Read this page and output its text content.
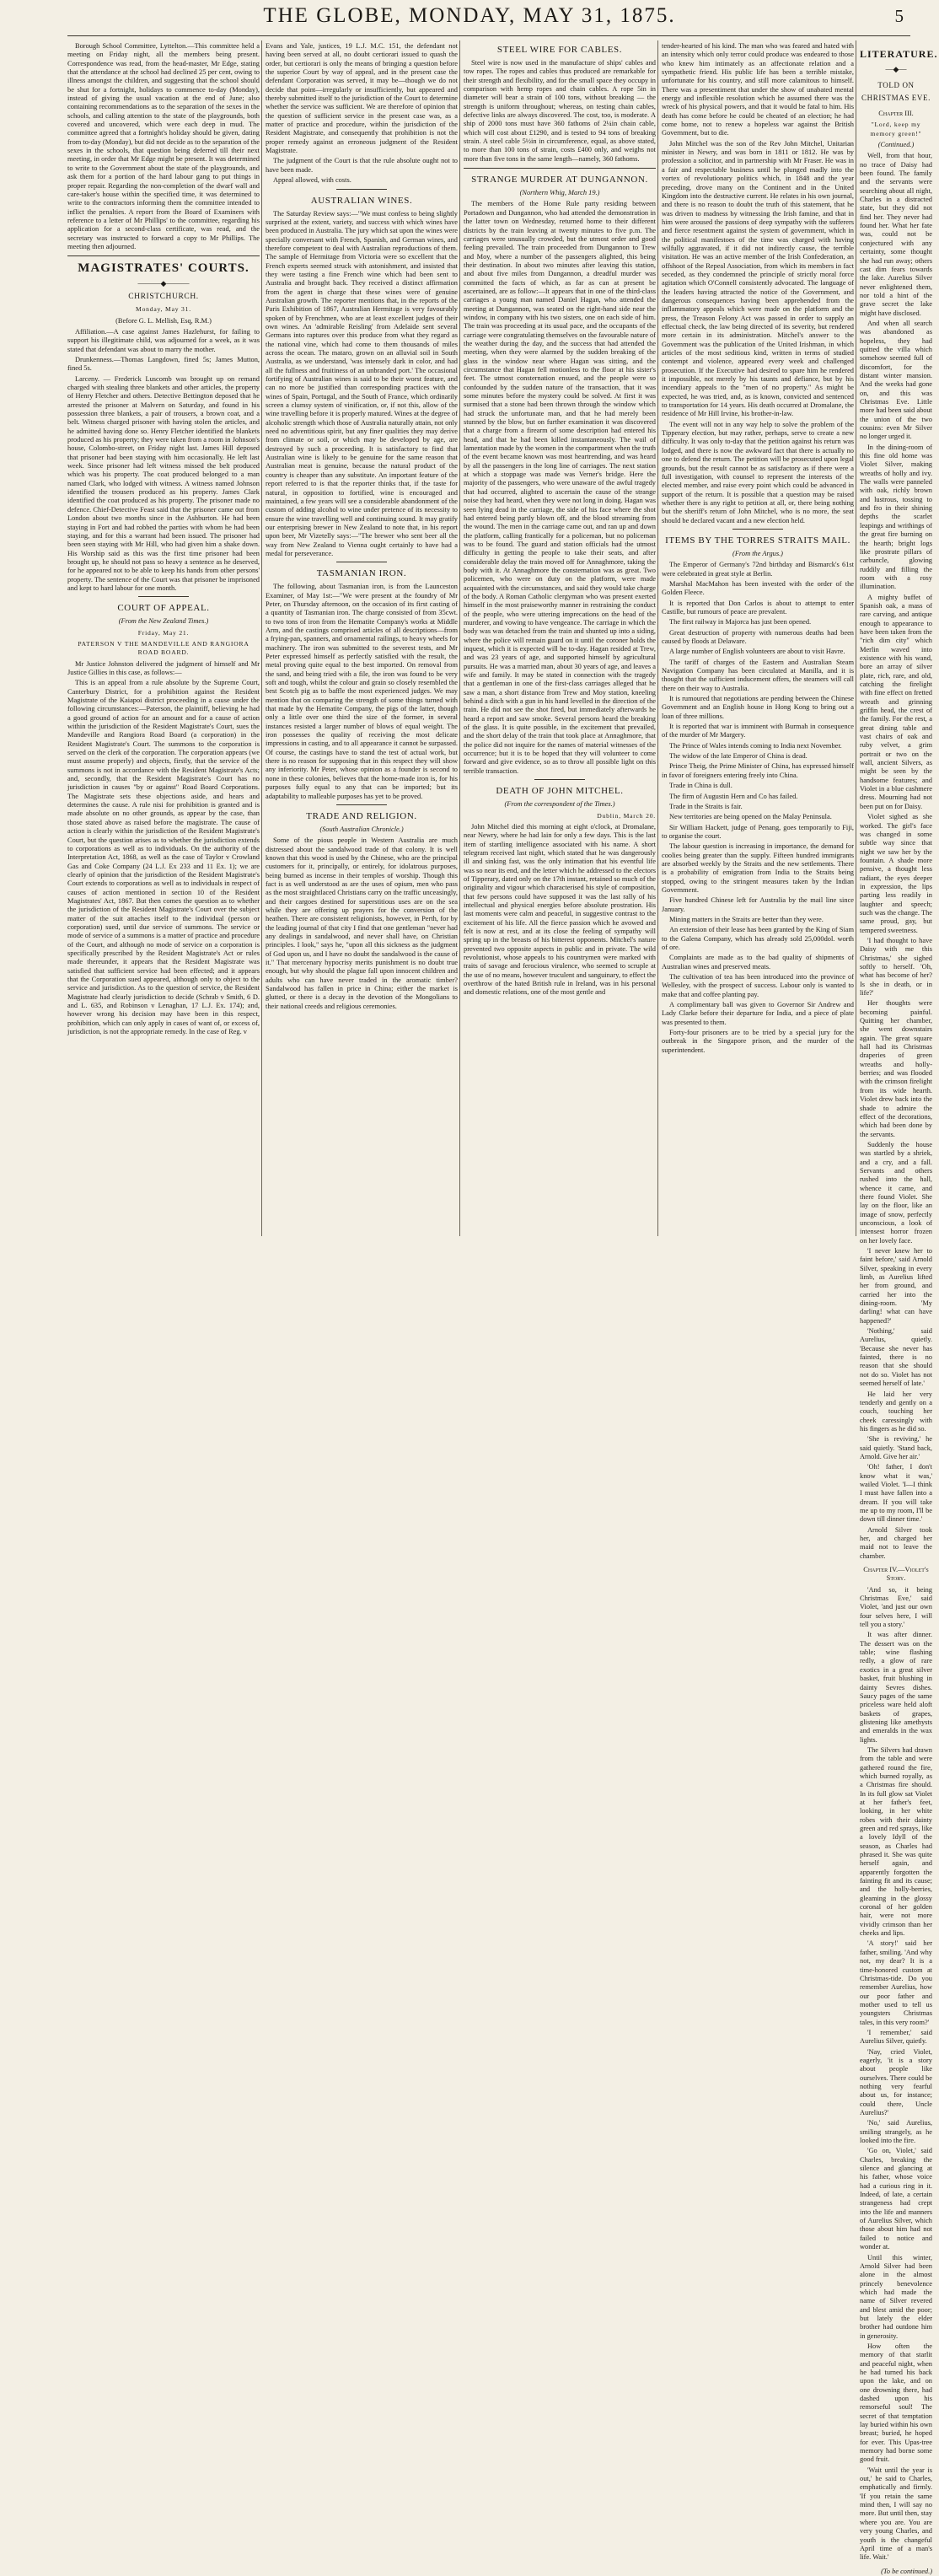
THE GLOBE, MONDAY, MAY 31, 1875.	5

Borough School Committee, Lyttelton.—This committee held a meeting on Friday night, all the members being present. Correspondence was read, from the head-master, Mr Edge, stating that the attendance at the school had declined 25 per cent, owing to illness amongst the children, and suggesting that the school should be shut for a fortnight, holidays to commence to-day (Monday), instead of giving the usual vacation at the end of June; also containing recommendations as to the separation of the sexes in the schools, and calling attention to the state of the playgrounds, both covered and uncovered, which were each deep in mud. The committee agreed that a fortnight's holiday should be given, dating from to-day (Monday), but did not decide as to the separation of the sexes in the schools, that question being deferred till their next meeting, in order that Mr Edge might be present. It was determined to write to the Government about the state of the playgrounds, and ask them for a portion of the hard labour gang to put things in proper repair. Regarding the non-completion of the dwarf wall and care-taker's house within the specified time, it was determined to write to the contractors informing them the committee intended to inflict the penalties. A report from the Board of Examiners with reference to a letter of Mr Phillips' to the committee, regarding his application for a second-class certificate, was read, and the secretary was instructed to forward a copy to Mr Phillips. The meeting then adjourned.

MAGISTRATES' COURTS.
———◆———
CHRISTCHURCH.
Monday, May 31.
(Before G. L. Mellish, Esq, R.M.)

Affiliation.—A case against James Hazlehurst, for failing to support his illegitimate child, was adjourned for a week, as it was stated that defendant was about to marry the mother.

Drunkenness.—Thomas Langdown, fined 5s; James Mutton, fined 5s.

Larceny. — Frederick Luscomb was brought up on remand charged with stealing three blankets and other articles, the property of Henry Fletcher and others. Detective Bettington deposed that he arrested the prisoner at Malvern on Saturday, and found in his possession three blankets, a pair of trousers, a brown coat, and a belt. Witness charged prisoner with having stolen the articles, and he admitted having done so. Henry Fletcher identified the blankets produced as his property; they were taken from a room in Johnson's house, Colombo-street, on Friday night last. James Hill deposed that prisoner had been staying with him occasionally. He left last week. Since prisoner had left witness missed the belt produced which was his property. The coat produced belonged to a man named Clark, who lodged with witness. A witness named Johnson identified the trousers produced as his property. James Clark identified the coat produced as his property. The prisoner made no defence. Chief-Detective Feast said that the prisoner came out from London about two months since in the Ashburton. He had been staying in Fort and had robbed the parties with whom he had been staying, and for this a warrant had been issued. The prisoner had been seen staying with Mr Hill, who had given him a shake down. His Worship said as this was the first time prisoner had been brought up, he should not pass so heavy a sentence as he deserved, for he appeared not to be able to keep his hands from other persons' property. The sentence of the Court was that prisoner be imprisoned and kept to hard labour for one month.

COURT OF APPEAL.
(From the New Zealand Times.)
Friday, May 21.
PATERSON V THE MANDEVILLE AND RANGIORA ROAD BOARD.

Mr Justice Johnston delivered the judgment of himself and Mr Justice Gillies in this case, as follows:—

This is an appeal from a rule absolute by the Supreme Court, Canterbury District, for a prohibition against the Resident Magistrate of the Kaiapoi district proceeding in a cause under the following circumstances:—Paterson, the plaintiff, believing he had a good ground of action for an amount and for a cause of action within the jurisdiction of the Resident Magistrate's Court, sues the Mandeville and Rangiora Road Board (a corporation) in the Resident Magistrate's Court. The summons to the corporation is served on the clerk of the corporation. The corporation appears (we must assume properly) and objects, firstly, that the service of the summons is not in accordance with the Resident Magistrate's Acts; and, secondly, that the Resident Magistrate's Court has no jurisdiction in causes "by or against" Road Board Corporations. The Magistrate sets these objections aside, and hears and determines the cause. A rule nisi for prohibition is granted and is made absolute on no other grounds, as appear by the case, than those stated above as raised before the magistrate. The cause of action is clearly within the jurisdiction of the Resident Magistrate's Court, but the question arises as to whether the jurisdiction extends to corporations as well as to individuals. On the authority of the Interpretation Act, 1868, as well as the case of Taylor v Crowland Gas and Coke Company (24 L.J. Ex 233 and 11 Ex. 1); we are clearly of opinion that the jurisdiction of the Resident Magistrate's Court extends to corporations as well as to individuals in respect of causes of action mentioned in section 10 of the Resident Magistrates' Act, 1867. But then comes the question as to whether the jurisdiction of the Resident Magistrate's Court over the subject matter of the suit attaches itself to the individual (person or corporation) sued, until due service of summons. The service or mode of service of a summons is a matter of practice and procedure of the Court, and although no mode of service on a corporation is specifically prescribed by the Resident Magistrate's Act or rules made thereunder, it appears that the Resident Magistrate was satisfied that sufficient service had been effected; and it appears that the Corporation sued appeared, although only to object to the service and jurisdiction. As to the question of service, the Resident Magistrate had clearly jurisdiction to decide (Schrab v Smith, 6 D. and L. 635, and Robinson v Lenaghan, 17 L.J. Ex. 174); and, however wrong his decision may have been in this respect, prohibition, which can only apply in cases of want of, or excess of, jurisdiction, is not the appropriate remedy. In the case of Reg. v

Evans and Yale, justices, 19 L.J. M.C. 151, the defendant not having been served at all, no doubt certiorari issued to quash the order, but certiorari is only the means of bringing a question before the superior Court by way of appeal, and in the present case the defendant Corporation was served, it may be—though we do not decide that point—irregularly or insufficiently, but appeared and thereby submitted itself to the jurisdiction of the Court to determine whether the service was sufficient. We are therefore of opinion that the question of sufficient service in the present case was, as a matter of practice and procedure, within the jurisdiction of the Resident Magistrate, and consequently that prohibition is not the proper remedy against an erroneous judgment of the Resident Magistrate.

The judgment of the Court is that the rule absolute ought not to have been made.

Appeal allowed, with costs.

AUSTRALIAN WINES.

The Saturday Review says:—"We must confess to being slightly surprised at the extent, variety, and success with which wines have been produced in Australia. The jury which sat upon the wines were specially conversant with French, Spanish, and German wines, and therefore competent to deal with Australian reproductions of them. The sample of Hermitage from Victoria were so excellent that the French experts seemed struck with astonishment, and insisted that they were tasting a fine French wine which had been sent to Australia and brought back. They received a distinct affirmation from the agent in charge that these wines were of genuine Australian growth. The reporter mentions that, in the reports of the Paris Exhibition of 1867, Australian Hermitage is very favourably spoken of by Frenchmen, who are at least excellent judges of their own wines. An 'admirable Reisling' from Adelaide sent several Germans into raptures over this produce from what they regard as the national vine, which had come to them thousands of miles across the ocean. The mataro, grown on an alluvial soil in South Australia, as we understand, 'was intensely dark in color, and had all the fullness and fruitiness of an unbranded port.' The occasional fortifying of Australian wines is said to be their worst feature, and can no more be justified than corresponding practices with the wines of Spain, Portugal, and the South of France, which ordinarily screen a clumsy system of vinification, or, if not this, allow of the wine travelling before it is properly matured. Wines at the degree of alcoholic strength which those of Australia naturally attain, not only need no adventitious spirit, but any finer qualities they may derive from climate or soil, or which may be developed by age, are destroyed by such a proceeding. It is satisfactory to find that Australian wine is likely to be genuine for the same reason that Australian meat is genuine, because the natural product of the country is cheaper than any substitute. An important feature of the report referred to is that the reporter thinks that, if the taste for natural, in opposition to fortified, wine is encouraged and maintained, a few years will see a considerable abandonment of the custom of adding alcohol to wine under pretence of its necessity to ensure the wine travelling well and continuing sound. It may gratify our enterprising brewer in New Zealand to note that, in his report upon beer, Mr Vizetelly says:—"The brewer who sent beer all the way from New Zealand to Vienna ought certainly to have had a medal for perseverance.

TASMANIAN IRON.

The following, about Tasmanian iron, is from the Launceston Examiner, of May 1st:—"We were present at the foundry of Mr Peter, on Thursday afternoon, on the occasion of its first casting of a quantity of Tasmanian iron. The charge consisted of from 35cwt. to two tons of iron from the Hematite Company's works at Middle Arm, and the castings comprised articles of all descriptions—from a frying-pan, spanners, and ornamental railings, to heavy wheels for machinery. The iron was submitted to the severest tests, and Mr Peter expressed himself as perfectly satisfied with the result, the metal proving quite equal to the best imported. On removal from the sand, and being tried with a file, the iron was found to be very soft and tough, whilst the colour and grain so closely resembled the best Scotch pig as to baffle the most experienced judges. We may mention that on comparing the strength of some things turned with that made by the Hematite Company, the pigs of the latter, though only a little over one third the size of the former, in several instances resisted a larger number of blows of equal weight. The iron possesses the quality of receiving the most delicate impressions in casting, and to all appearance it cannot be surpassed. Of course, the castings have to stand the test of actual work, but there is no reason for supposing that in this respect they will show any inferiority. Mr Peter, whose opinion as a founder is second to none in these colonies, believes that the home-made iron is, for his purposes fully equal to any that can be imported; but its adaptability to malleable purposes has yet to be proved.

TRADE AND RELIGION.
(South Australian Chronicle.)

Some of the pious people in Western Australia are much distressed about the sandalwood trade of that colony. It is well known that this wood is used by the Chinese, who are the principal customers for it, principally, or entirely, for idolatrous purposes, being burned as incense in their temples of worship. Though this fact is as well understood as are the uses of opium, men who pass as the most straightlaced Christians carry on the traffic unceasingly, and their cargoes destined for superstitious uses are on the sea while they are offering up prayers for the conversion of the heathen. There are consistent religionists, however, in Perth, for by the leading journal of that city I find that one gentleman "never had any dealings in sandalwood, and never shall have, on Christian principles. I look," says he, "upon all this sickness as the judgment of God upon us, and I have no doubt the sandalwood is the cause of it." That mercenary hypocrisy merits punishment is no doubt true enough, but why should the plague fall upon innocent children and adults who can have never traded in the aromatic timber? Sandalwood has fallen in price in China; either the market is glutted, or there is a decay in the devotion of the Mongolians to their national creeds and religious ceremonies.

STEEL WIRE FOR CABLES.

Steel wire is now used in the manufacture of ships' cables and tow ropes. The ropes and cables thus produced are remarkable for their strength and flexibility, and for the small space they occupy in comparison with hemp ropes and chain cables. A rope 5in in diameter will bear a strain of 100 tons, without breaking — the strength is uniform throughout; whereas, on testing chain cables, defective links are always discovered. The cost, too, is moderate. A ship of 2000 tons must have 360 fathoms of 2¼in chain cable, which will cost about £1290, and is tested to 94 tons of breaking strain. A steel cable 5½in in circumference, equal, as above stated, to more than 100 tons of strain, costs £400 only, and weighs not more than five tons in the same length—namely, 360 fathoms.

STRANGE MURDER AT DUNGANNON.
(Northern Whig, March 19.)

The members of the Home Rule party residing between Portadown and Dungannon, who had attended the demonstration in the latter town on Wednesday, returned home to their different districts by the train leaving at twenty minutes to five p.m. The carriages were unusually crowded, but the utmost order and good feeling prevailed. The train proceeded from Dungannon to Trew and Moy, where a number of the passengers alighted, this being their destination. In about two minutes after leaving this station, and about five miles from Dungannon, a dreadful murder was committed the facts of which, as far as can at present be ascertained, are as follow:—It appears that in one of the third-class carriages a young man named Daniel Hagan, who attended the meeting at Dungannon, was seated on the right-hand side near the window, in company with his two sisters, one on each side of him. The train was proceeding at its usual pace, and the occupants of the carriage were congratulating themselves on the favourable nature of the weather during the day, and the success that had attended the meeting, when they were alarmed by the sudden breaking of the glass in the window near where Hagan was sitting, and the circumstance that Hagan fell motionless to the floor at his sister's feet. The utmost consternation ensued, and the people were so confounded by the sudden nature of the transaction, that it was some minutes before the mystery could be solved. At first it was surmised that a stone had been thrown through the window which had struck the unfortunate man, and that he had merely been stunned by the blow, but on further examination it was discovered that a charge from a firearm of some description had entered his head, and that he had been killed instantaneously. The wail of lamentation made by the women in the compartment when the truth of the event became known was most heartrending, and was heard by all the passengers in the long line of carriages. The next station at which a stoppage was made was Verner's bridge. Here the majority of the passengers, who were unaware of the awful tragedy that had occurred, alighted to ascertain the cause of the strange noise they had heard, when they were not long in doing. Hagan was seen lying dead in the carriage, the side of his face where the shot had entered being partly blown off, and the blood streaming from the wound. The men in the carriage came out, and ran up and down the platform, calling frantically for a policeman, but no policeman was to be found. The guard and station officials had the utmost difficulty in getting the people to take their seats, and after considerable delay the train moved off for Annaghmore, taking the body with it. At Annaghmore the consternation was as great. Two policemen, who were on duty on the platform, were made acquainted with the circumstances, and said they would take charge of the body. A Roman Catholic clergyman who was present exerted himself in the most praiseworthy manner in restraining the conduct of the people, who were uttering imprecations on the head of the murderer, and vowing to have vengeance. The carriage in which the body was was detached from the train and shunted up into a siding, where the police will remain guard on it until the coroner holds the inquest, which it is expected will be to-day. Hagan resided at Trew, and was 23 years of age, and supported himself by agricultural pursuits. He was a married man, about 30 years of age, and leaves a wife and family. It may be stated in connection with the tragedy that a gentleman in one of the first-class carriages alleged that he saw a man, a short distance from Trew and Moy station, kneeling behind a ditch with a gun in his hand levelled in the direction of the train. He did not see the shot fired, but immediately afterwards he heard a report and saw smoke. Several persons heard the breaking of the glass. It is quite possible, in the excitement that prevailed, and the short delay of the train that took place at Annaghmore, that the police did not inquire for the names of material witnesses of the occurrence; but it is to be hoped that they will volunteer to come forward and give evidence, so as to throw all possible light on this terrible transaction.

DEATH OF JOHN MITCHEL.
(From the correspondent of the Times.)
Dublin, March 20.

John Mitchel died this morning at eight o'clock, at Dromalane, near Newry, where he had lain for only a few days. This is the last item of startling intelligence associated with his name. A short telegram received last night, which stated that he was dangerously ill and sinking fast, was the only intimation that his eventful life was so near its end, and the letter which he addressed to the electors of Tipperary, dated only on the 17th instant, retained so much of the originality and vigour which characterised his style of composition, that few persons could have supposed it was the last rally of his intellectual and physical energies before absolute prostration. His last moments were calm and peaceful, in suggestive contrast to the excitement of his life. All the fierce passion which he avowed and felt is now at rest, and at its close the feeling of sympathy will spring up in the breasts of his bitterest opponents. Mitchel's nature prevented two opposite aspects in public and in private. The wild revolutionist, whose appeals to his countrymen were marked with traits of savage and ferocious virulence, who seemed to scruple at the use of no means, however truculent and sanguinary, to effect the overthrow of the hated British rule in Ireland, was in his personal and domestic relations, one of the most gentle and

tender-hearted of his kind. The man who was feared and hated with an intensity which only terror could produce was endeared to those who knew him intimately as an affectionate relation and a sympathetic friend. His public life has been a terrible mistake, unfortunate for his country, and still more calamitous to himself. There was a presentiment that under the show of unabated mental energy and inflexible resolution which he assumed there was the wreck of his physical powers, and that it would be fatal to him. His death has come before he could be cheated of an election; he had come home, not to renew a hopeless war against the British Government, but to die.

John Mitchel was the son of the Rev John Mitchel, Unitarian minister in Newry, and was born in 1811 or 1812. He was by profession a solicitor, and in partnership with Mr Fraser. He was in a fair and respectable business until he plunged madly into the vortex of revolutionary politics which, in 1848 and the year preceding, drove many on the Continent and in the United Kingdom into the destructive current. He relates in his own journal, and there is no reason to doubt the truth of this statement, that he was driven to madness by witnessing the Irish famine, and that in him were aroused the passions of deep sympathy with the sufferers and fierce resentment against the system of government, which in the political manifestoes of the time was charged with having wilfully aggravated, if it did not indirectly cause, the terrible visitation. He was an active member of the Irish Confederation, an offshoot of the Repeal Association, from which its members in fact seceded, as they condemned the principle of strictly moral force agitation which O'Connell consistently advocated. The language of the leaders having attracted the notice of the Government, and dangerous consequences having been apprehended from the inflammatory appeals which were made on the platform and the press, the Treason Felony Act was passed in order to supply an effectual check, the law being directed of its severity, but rendered more certain in its administration. Mitchel's answer to the Government was the publication of the United Irishman, in which articles of the most seditious kind, written in terms of studied contempt and violence, appeared every week and challenged prosecution. If the Executive had desired to spare him he rendered it impossible, not merely by his taunts and defiance, but by his incendiary appeals to the "men of no property." As might be expected, he was tried, and, as is known, convicted and sentenced to transportation for 14 years. His death occurred at Dromalane, the residence of Mr Hill Irvine, his brother-in-law.

The event will not in any way help to solve the problem of the Tipperary election, but may rather, perhaps, serve to create a new difficulty. It was only to-day that the petition against his return was lodged, and there is now the awkward fact that there is actually no one to defend the return. The petition will be prosecuted upon legal grounds, but the result cannot be as satisfactory as if there were a full investigation, with counsel to represent the interests of the elected member, and raise every point which could be advanced in support of the return. It is possible that a question may be raised whether there is any right to petition at all, or, there being nothing but the sheriff's return of John Mitchel, who is no more, the seat should be declared vacant and a new election held.

ITEMS BY THE TORRES STRAITS MAIL.
(From the Argus.)

The Emperor of Germany's 72nd birthday and Bismarck's 61st were celebrated in great style at Berlin.

Marshal MacMahon has been invested with the order of the Golden Fleece.

It is reported that Don Carlos is about to attempt to enter Castille, but rumours of peace are prevalent.

The first railway in Majorca has just been opened.

Great destruction of property with numerous deaths had been caused by floods at Delaware.

A large number of English volunteers are about to visit Havre.

The tariff of charges of the Eastern and Australian Steam Navigation Company has been circulated at Manilla, and it is thought that the sufficient inducement offers, the steamers will call there on their way to Australia.

It is rumoured that negotiations are pending between the Chinese Government and an English house in Hong Kong to bring out a loan of three millions.

It is reported that war is imminent with Burmah in consequence of the murder of Mr Margery.

The Prince of Wales intends coming to India next November.

The widow of the late Emperor of China is dead.

Prince Theig, the Prime Minister of China, has expressed himself in favor of foreigners entering freely into China.

Trade in China is dull.

The firm of Augustin Hern and Co has failed.

Trade in the Straits is fair.

New territories are being opened on the Malay Peninsula.

Sir William Hackett, judge of Penang, goes temporarily to Fiji, to organise the court.

The labour question is increasing in importance, the demand for coolies being greater than the supply. Fifteen hundred immigrants are absorbed weekly by the Straits and the new settlements. There is a probability of emigration from India to the Straits being stopped, owing to the stringent measures taken by the Indian Government.

Five hundred Chinese left for Australia by the mail line since January.

Mining matters in the Straits are better than they were.

An extension of their lease has been granted by the King of Siam to the Galena Company, which has already sold 25,000dol. worth of ore.

Complaints are made as to the bad quality of shipments of Australian wines and preserved meats.

The cultivation of tea has been introduced into the province of Wellesley, with the prospect of success. Labour only is wanted to make that and coffee planting pay.

A complimentary ball was given to Governor Sir Andrew and Lady Clarke before their departure for India, and a piece of plate was presented to them.

Forty-four prisoners are to be tried by a special jury for the outbreak in the Singapore prison, and the murder of the superintendent.

LITERATURE.
—◆—
TOLD ON CHRISTMAS EVE.
Chapter III.
"Lord, keep my memory green!"
(Continued.)

Well, from that hour, no trace of Daisy had been found. The family and the servants were searching about all night, Charles in a distracted state, but they did not find her. They never had found her. What her fate was, could not be conjectured with any certainty, some thought she had run away; others cast dim fears towards the lake. Aurelius Silver never enlightened them, nor told a hint of the grave secret the lake might have disclosed.

And when all search was abandoned as hopeless, they had quitted the villa which somehow seemed full of discomfort, for the distant winter mansion. And the weeks had gone on, and this was Christmas Eve. Little more had been said about the union of the two cousins: even Mr Silver no longer urged it.

In the dining-room of this fine old home was Violet Silver, making wreaths of holly and ivy. The walls were panneled with oak, richly brown and lustrous, tossing to and fro in their shining depths the scarlet leapings and writhings of the great fire burning on the hearth; bright logs like prostrate pillars of carbuncle, glowing ruddily and filling the room with a rosy illumination.

A mighty buffet of Spanish oak, a mass of rare carving, and antique enough to appearance to have been taken from the "rich dim city" which Merlin waved into existence with his wand, bore an array of silver plate, rich, rare, and old, catching the firelight with fine effect on fretted wreath and grinning griffin head, the crest of the family. For the rest, a great dining table and vast chairs of oak and ruby velvet, a grim portrait or two on the wall, ancient Silvers, as might be seen by the handsome features; and Violet in a blue cashmere dress. Mourning had not been put on for Daisy.

Violet sighed as she worked. The girl's face was changed in some subtle way since that night we saw her by the fountain. A shade more pensive, a thought less radiant, the eyes deeper in expression, the lips parting less readily in laughter and speech; such was the change. The same proud, gay, but tempered sweetness.

'I had thought to have Daisy with me this Christmas,' she sighed softly to herself. 'Oh, what has become of her? Is she in death, or in life?'

Her thoughts were becoming painful. Quitting her chamber, she went downstairs again. The great square hall had its Christmas draperies of green wreaths and holly-berries; and was flooded with the crimson firelight from its wide hearth. Violet drew back into the shade to admire the effect of the decorations, which had been done by the servants.

Suddenly the house was startled by a shriek, and a cry, and a fall. Servants and others rushed into the hall, whence it came, and there found Violet. She lay on the floor, like an image of snow, perfectly unconscious, a look of intensest horror frozen on her lovely face.

'I never knew her to faint before,' said Arnold Silver, speaking in every limb, as Aurelius lifted her from ground, and carried her into the dining-room. 'My darling! what can have happened?'

'Nothing,' said Aurelius, quietly. 'Because she never has fainted, there is no reason that she should not do so. Violet has not seemed herself of late.'

He laid her very tenderly and gently on a couch, touching her cheek caressingly with his fingers as he did so.

'She is reviving,' he said quietly. 'Stand back, Arnold. Give her air.'

'Oh! father, I don't know what it was,' wailed Violet. 'I—I think I must have fallen into a dream. If you will take me up to my room, I'll be down till dinner time.'

Arnold Silver took her, and charged her maid not to leave the chamber.

Chapter IV.—Violet's Story.

'And so, it being Christmas Eve,' said Violet, 'and just our own four selves here, I will tell you a story.'

It was after dinner. The dessert was on the table; wine flashing redly, a glow of rare exotics in a great silver basket, fruit blushing in dainty Sevres dishes. Saucy pages of the same priceless ware held aloft baskets of grapes, glistening like amethysts and emeralds in the wax lights.

The Silvers had drawn from the table and were gathered round the fire, which burned royally, as a Christmas fire should. In its full glow sat Violet at her father's feet, looking, in her white robes with their dainty green and red sprays, like a lovely Idyll of the season, as Charles had phrased it. She was quite herself again, and apparently forgotten the fainting fit and its cause; and the holly-berries, gleaming in the glossy coronal of her golden hair, were not more vividly crimson than her cheeks and lips.

'A story!' said her father, smiling. 'And why not, my dear? It is a time-honored custom at Christmas-tide. Do you remember Aurelius, how our poor father and mother used to tell us youngsters Christmas tales, in this very room?'

'I remember,' said Aurelius Silver, quietly.

'Nay, cried Violet, eagerly, 'it is a story about people like ourselves. There could be nothing very fearful about us, for instance; could there, Uncle Aurelius?'

'No,' said Aurelius, smiling strangely, as he looked into the fire.

'Go on, Violet,' said Charles, breaking the silence and glancing at his father, whose voice had a curious ring in it. Indeed, of late, a certain strangeness had crept into the life and manners of Aurelius Silver, which those about him had not failed to notice and wonder at.

Until this winter, Arnold Silver had been alone in the almost princely benevolence which had made the name of Silver revered and blest amid the poor; but lately the elder brother had outdone him in generosity.

How often the memory of that starlit and peaceful night, when he had turned his back upon the lake, and on one drowning there, had dashed upon his remorseful soul! The secret of that temptation lay buried within his own breast; buried, he hoped for ever. This Upas-tree memory had borne some good fruit.

'Wait until the year is out,' he said to Charles, emphatically and firmly. 'If you retain the same mind then, I will say no more. But until then, stay where you are. You are very young Charles, and youth is the changeful April time of a man's life. Wait.'

(To be continued.)
